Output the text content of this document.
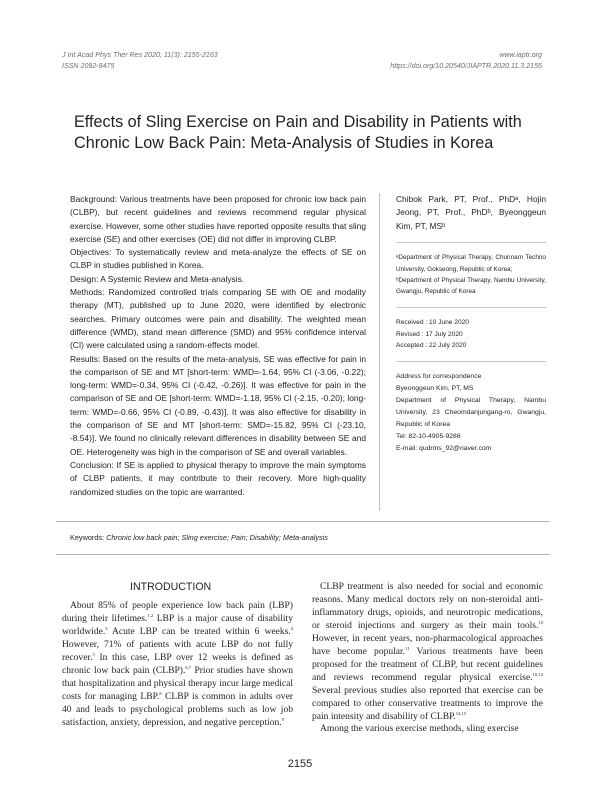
J Int Acad Phys Ther Res 2020; 11(3): 2155-2163
ISSN 2092-8475
www.iaptr.org
https://doi.org/10.20540/JIAPTR.2020.11.3.2155
Effects of Sling Exercise on Pain and Disability in Patients with Chronic Low Back Pain: Meta-Analysis of Studies in Korea

Background: Various treatments have been proposed for chronic low back pain (CLBP), but recent guidelines and reviews recommend regular physical exercise. However, some other studies have reported opposite results that sling exercise (SE) and other exercises (OE) did not differ in improving CLBP.

Objectives: To systematically review and meta-analyze the effects of SE on CLBP in studies published in Korea.

Design: A Systemic Review and Meta-analysis.

Methods: Randomized controlled trials comparing SE with OE and modality therapy (MT), published up to June 2020, were identified by electronic searches. Primary outcomes were pain and disability. The weighted mean difference (WMD), stand mean difference (SMD) and 95% confidence interval (CI) were calculated using a random-effects model.

Results: Based on the results of the meta-analysis, SE was effective for pain in the comparison of SE and MT [short-term: WMD=-1.64, 95% CI (-3.06, -0.22); long-term: WMD=-0.34, 95% CI (-0.42, -0.26)]. It was effective for pain in the comparison of SE and OE [short-term: WMD=-1.18, 95% CI (-2.15, -0.20); long-term: WMD=-0.66, 95% CI (-0.89, -0.43)]. It was also effective for disability in the comparison of SE and MT [short-term: SMD=-15.82, 95% CI (-23.10, -8.54)]. We found no clinically relevant differences in disability between SE and OE. Heterogeneity was high in the comparison of SE and overall variables.

Conclusion: If SE is applied to physical therapy to improve the main symptoms of CLBP patients, it may contribute to their recovery. More high-quality randomized studies on the topic are warranted.

Chibok Park, PT, Prof., PhDᵃ, Hojin Jeong, PT, Prof., PhDᵇ, Byeonggeun Kim, PT, MSᵇ
ᵃDepartment of Physical Therapy, Chunnam Techno University, Gokseong, Republic of Korea;
ᵇDepartment of Physical Therapy, Nambu University, Gwangju, Republic of Korea
Received : 10 June 2020
Revised : 17 July 2020
Accepted : 22 July 2020
Address for correspondence
Byeonggeun Kim, PT, MS
Department of Physical Therapy, Nambu University, 23 Cheomdanjungang-ro, Gwangju, Republic of Korea
Tel: 82-10-4905-9286
E-mail: qudrms_92@naver.com
Keywords: Chronic low back pain; Sling exercise; Pain; Disability; Meta-analysis
INTRODUCTION

About 85% of people experience low back pain (LBP) during their lifetimes.$^{1,2}$ LBP is a major cause of disability worldwide.$^3$ Acute LBP can be treated within 6 weeks.$^4$ However, 71% of patients with acute LBP do not fully recover.$^5$ In this case, LBP over 12 weeks is defined as chronic low back pain (CLBP).$^{6,7}$ Prior studies have shown that hospitalization and physical therapy incur large medical costs for managing LBP.$^8$ CLBP is common in adults over 40 and leads to psychological problems such as low job satisfaction, anxiety, depression, and negative perception.$^9$

CLBP treatment is also needed for social and economic reasons. Many medical doctors rely on non-steroidal anti-inflammatory drugs, opioids, and neurotropic medications, or steroid injections and surgery as their main tools.$^{10}$ However, in recent years, non-pharmacological approaches have become popular.$^{11}$ Various treatments have been proposed for the treatment of CLBP, but recent guidelines and reviews recommend regular physical exercise.$^{10,12}$ Several previous studies also reported that exercise can be compared to other conservative treatments to improve the pain intensity and disability of CLBP.$^{14,15}$

Among the various exercise methods, sling exercise

2155
